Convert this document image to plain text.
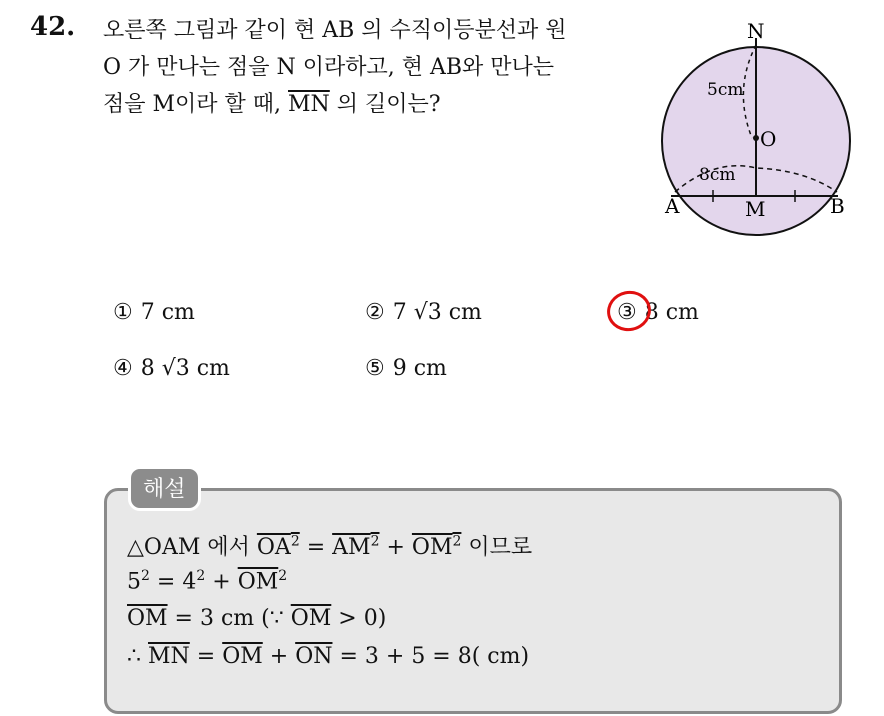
42. 오른쪽 그림과 같이 현 AB 의 수직이등분선과 원
O 가 만나는 점을 N 이라하고, 현 AB와 만나는
점을 M이라 할 때, $\overline{MN}$ 의 길이는?
N
O
A	B
M
5cm
8cm
① 7 cm	② 7 √3 cm	③ 8 cm
④ 8 √3 cm	⑤ 9 cm
해설
△OAM 에서 $OA^2 = AM^2 + OM^2$ 이므로
$5^2 = 4^2 + \overline{OM}^2$
$\overline{OM} = 3$ cm (∵ $\overline{OM} > 0$)
∴ $\overline{MN} = \overline{OM} + \overline{ON} = 3 + 5 = 8$( cm)
